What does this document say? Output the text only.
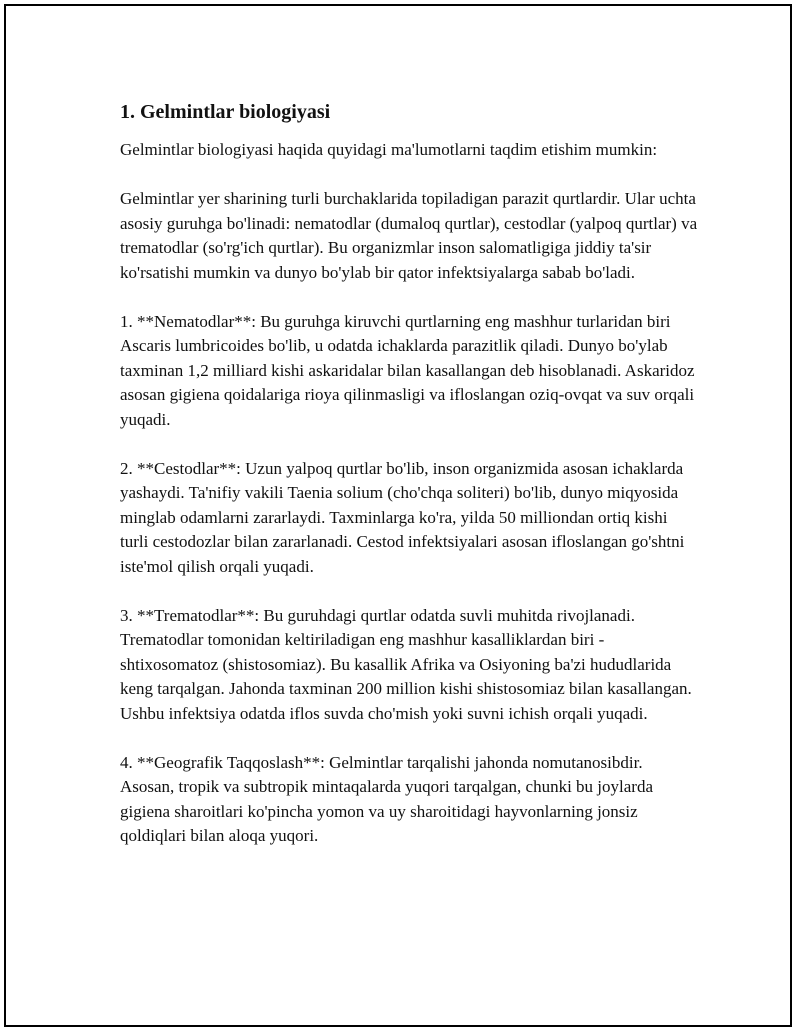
1. Gelmintlar biologiyasi

Gelmintlar biologiyasi haqida quyidagi ma'lumotlarni taqdim etishim mumkin:

Gelmintlar yer sharining turli burchaklarida topiladigan parazit qurtlardir. Ular uchta asosiy guruhga bo'linadi: nematodlar (dumaloq qurtlar), cestodlar (yalpoq qurtlar) va trematodlar (so'rg'ich qurtlar). Bu organizmlar inson salomatligiga jiddiy ta'sir ko'rsatishi mumkin va dunyo bo'ylab bir qator infektsiyalarga sabab bo'ladi.

1. **Nematodlar**: Bu guruhga kiruvchi qurtlarning eng mashhur turlaridan biri Ascaris lumbricoides bo'lib, u odatda ichaklarda parazitlik qiladi. Dunyo bo'ylab taxminan 1,2 milliard kishi askaridalar bilan kasallangan deb hisoblanadi. Askaridoz asosan gigiena qoidalariga rioya qilinmasligi va ifloslangan oziq-ovqat va suv orqali yuqadi.

2. **Cestodlar**: Uzun yalpoq qurtlar bo'lib, inson organizmida asosan ichaklarda yashaydi. Ta'nifiy vakili Taenia solium (cho'chqa soliteri) bo'lib, dunyo miqyosida minglab odamlarni zararlaydi. Taxminlarga ko'ra, yilda 50 milliondan ortiq kishi turli cestodozlar bilan zararlanadi. Cestod infektsiyalari asosan ifloslangan go'shtni iste'mol qilish orqali yuqadi.

3. **Trematodlar**: Bu guruhdagi qurtlar odatda suvli muhitda rivojlanadi. Trematodlar tomonidan keltiriladigan eng mashhur kasalliklardan biri - shtixosomatoz (shistosomiaz). Bu kasallik Afrika va Osiyoning ba'zi hududlarida keng tarqalgan. Jahonda taxminan 200 million kishi shistosomiaz bilan kasallangan. Ushbu infektsiya odatda iflos suvda cho'mish yoki suvni ichish orqali yuqadi.

4. **Geografik Taqqoslash**: Gelmintlar tarqalishi jahonda nomutanosibdir. Asosan, tropik va subtropik mintaqalarda yuqori tarqalgan, chunki bu joylarda gigiena sharoitlari ko'pincha yomon va uy sharoitidagi hayvonlarning jonsiz qoldiqlari bilan aloqa yuqori.
